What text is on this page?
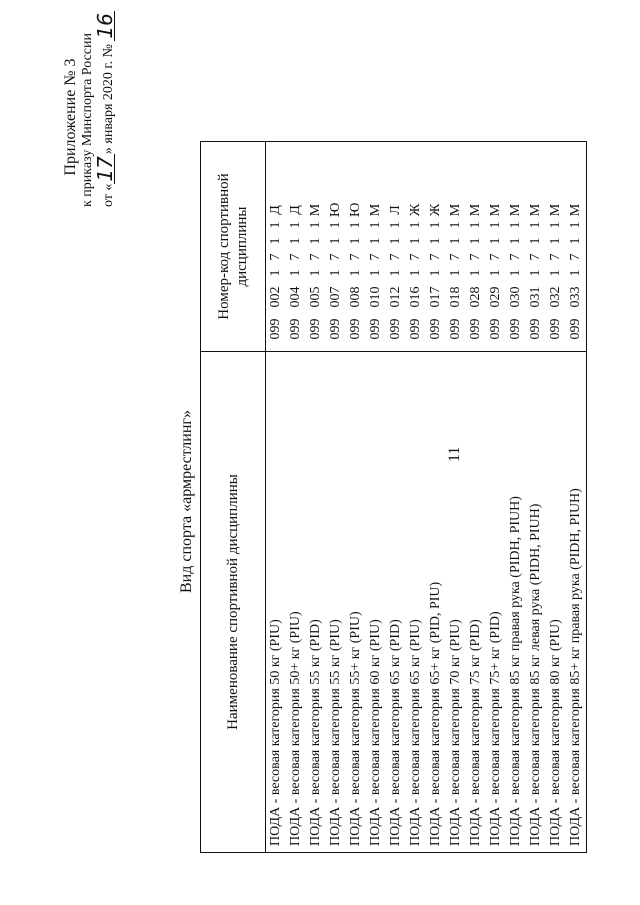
11
Приложение № 3 к приказу Минспорта России от «17» января 2020 г. № 16
Вид спорта «армрестлинг» Наименование спортивной дисциплины	Номер-код спортивной дисциплины
ПОДА - весовая категория 50 кг (PIU)	0990021711Д
ПОДА - весовая категория 50+ кг (PIU)	0990041711Д
ПОДА - весовая категория 55 кг (PID)	0990051711М
ПОДА - весовая категория 55 кг (PIU)	0990071711Ю
ПОДА - весовая категория 55+ кг (PIU)	0990081711Ю
ПОДА - весовая категория 60 кг (PIU)	0990101711М
ПОДА - весовая категория 65 кг (PID)	0990121711Л
ПОДА - весовая категория 65 кг (PIU)	0990161711Ж
ПОДА - весовая категория 65+ кг (PID, PIU)	0990171711Ж
ПОДА - весовая категория 70 кг (PIU)	0990181711М
ПОДА - весовая категория 75 кг (PID)	0990281711М
ПОДА - весовая категория 75+ кг (PID)	0990291711М
ПОДА - весовая категория 85 кг правая рука (PIDH, PIUH)	0990301711М
ПОДА - весовая категория 85 кг левая рука (PIDH, PIUH)	0990311711М
ПОДА - весовая категория 80 кг (PIU)	0990321711М
ПОДА - весовая категория 85+ кг правая рука (PIDH, PIUH)	0990331711М
